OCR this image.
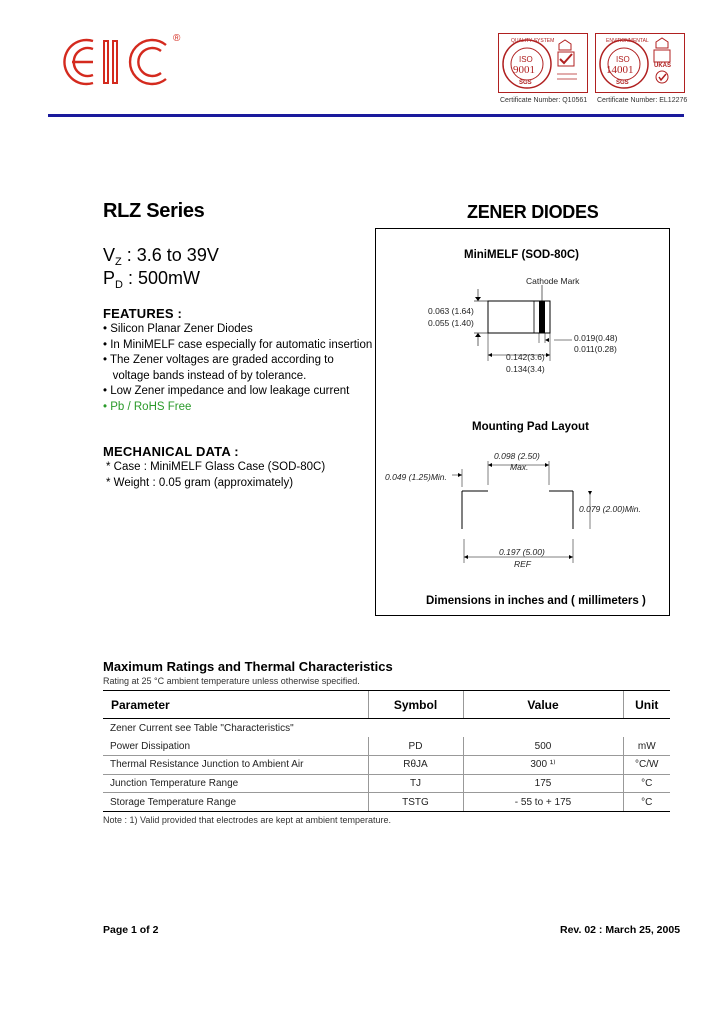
®	QUALITY SYSTEM
ISO
9001
SGS
Certificate Number: Q10561
ENVIRONMENTAL
ISO
14001
SGS
UKAS
Certificate Number: EL12276
RLZ Series	ZENER DIODES
$V_Z$ : 3.6 to 39V
$P_D$ : 500mW
FEATURES :
• Silicon Planar Zener Diodes
• In MiniMELF case especially for automatic insertion
• The Zener voltages are graded according to
voltage bands instead of by tolerance.
• Low Zener impedance and low leakage current
• Pb / RoHS Free
MECHANICAL DATA :
* Case : MiniMELF Glass Case (SOD-80C)
* Weight : 0.05 gram (approximately)
MiniMELF (SOD-80C)
Cathode Mark
0.063 (1.64)
0.055 (1.40)
0.019(0.48)
0.011(0.28)
0.142(3.6)
0.134(3.4)
Mounting Pad Layout
0.098 (2.50)
Max.
0.049 (1.25)Min.
0.079 (2.00)Min.
0.197 (5.00)
REF
Dimensions in inches and ( millimeters )
Maximum Ratings and Thermal Characteristics
Rating at 25 °C ambient temperature unless otherwise specified.
Parameter	Symbol	Value	Unit
Zener Current see Table "Characteristics"			
Power Dissipation	PD	500	mW
Thermal Resistance Junction to Ambient Air	RθJA	300 ¹⁾	°C/W
Junction Temperature Range	TJ	175	°C
Storage Temperature Range	TSTG	- 55 to + 175	°C
Note : 1) Valid provided that electrodes are kept at ambient temperature.
Page 1 of 2	Rev. 02 : March 25, 2005
